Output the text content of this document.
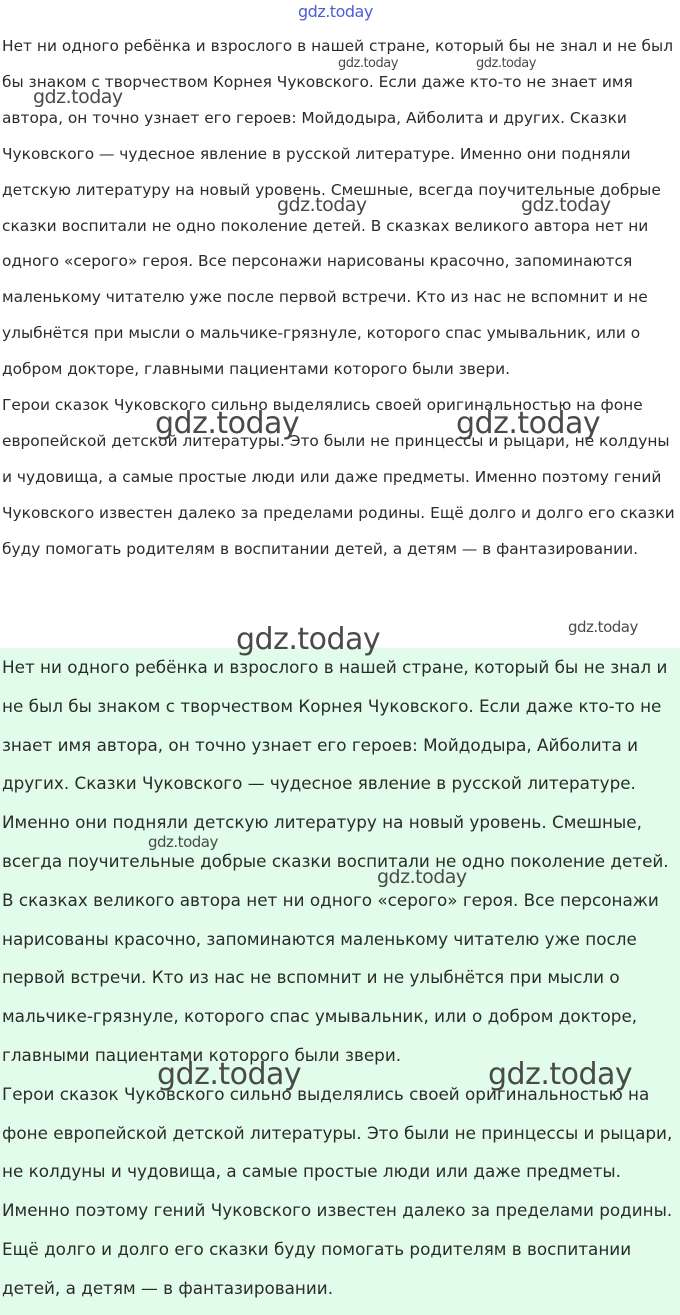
Нет ни одного ребёнка и взрослого в нашей стране, который бы не знал и не был бы знаком с творчеством Корнея Чуковского. Если даже кто-то не знает имя автора, он точно узнает его героев: Мойдодыра, Айболита и других. Сказки Чуковского — чудесное явление в русской литературе. Именно они подняли детскую литературу на новый уровень. Смешные, всегда поучительные добрые сказки воспитали не одно поколение детей. В сказках великого автора нет ни одного «серого» героя. Все персонажи нарисованы красочно, запоминаются маленькому читателю уже после первой встречи. Кто из нас не вспомнит и не улыбнётся при мысли о мальчике-грязнуле, которого спас умывальник, или о добром докторе, главными пациентами которого были звери.

Герои сказок Чуковского сильно выделялись своей оригинальностью на фоне европейской детской литературы. Это были не принцессы и рыцари, не колдуны и чудовища, а самые простые люди или даже предметы. Именно поэтому гений Чуковского известен далеко за пределами родины. Ещё долго и долго его сказки буду помогать родителям в воспитании детей, а детям — в фантазировании.

Нет ни одного ребёнка и взрослого в нашей стране, который бы не знал и не был бы знаком с творчеством Корнея Чуковского. Если даже кто-то не знает имя автора, он точно узнает его героев: Мойдодыра, Айболита и других. Сказки Чуковского — чудесное явление в русской литературе. Именно они подняли детскую литературу на новый уровень. Смешные, всегда поучительные добрые сказки воспитали не одно поколение детей. В сказках великого автора нет ни одного «серого» героя. Все персонажи нарисованы красочно, запоминаются маленькому читателю уже после первой встречи. Кто из нас не вспомнит и не улыбнётся при мысли о мальчике-грязнуле, которого спас умывальник, или о добром докторе, главными пациентами которого были звери.

Герои сказок Чуковского сильно выделялись своей оригинальностью на фоне европейской детской литературы. Это были не принцессы и рыцари, не колдуны и чудовища, а самые простые люди или даже предметы. Именно поэтому гений Чуковского известен далеко за пределами родины. Ещё долго и долго его сказки буду помогать родителям в воспитании детей, а детям — в фантазировании.

gdz.today
gdz.today	gdz.today
gdz.today
gdz.today	gdz.today
gdz.today	gdz.today
gdz.today	gdz.today
gdz.today
gdz.today
gdz.today	gdz.today
